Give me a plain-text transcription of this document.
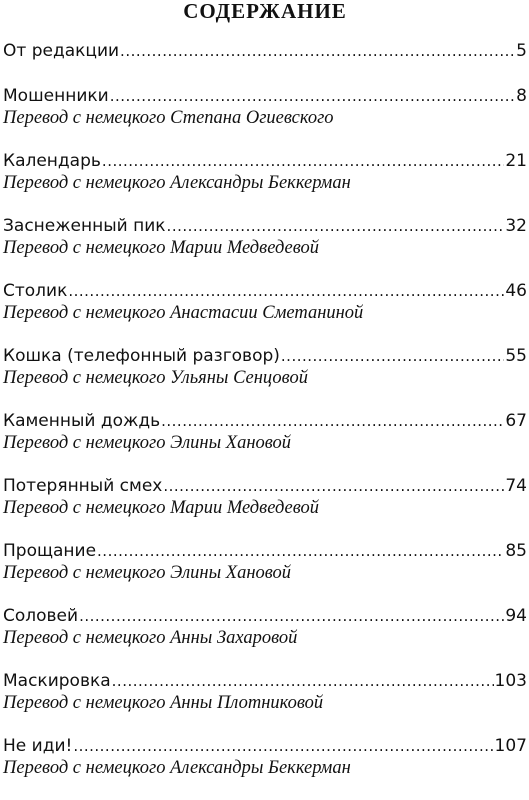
СОДЕРЖАНИЕ
От редакции .....	5
Мошенники .....	8
Перевод с немецкого Степана Огиевского
Календарь .....	21
Перевод с немецкого Александры Беккерман
Заснеженный пик .....	32
Перевод с немецкого Марии Медведевой
Столик .....	46
Перевод с немецкого Анастасии Сметаниной
Кошка (телефонный разговор) .....	55
Перевод с немецкого Ульяны Сенцовой
Каменный дождь .....	67
Перевод с немецкого Элины Хановой
Потерянный смех .....	74
Перевод с немецкого Марии Медведевой
Прощание .....	85
Перевод с немецкого Элины Хановой
Соловей .....	94
Перевод с немецкого Анны Захаровой
Маскировка .....	103
Перевод с немецкого Анны Плотниковой
Не иди! .....	107
Перевод с немецкого Александры Беккерман
